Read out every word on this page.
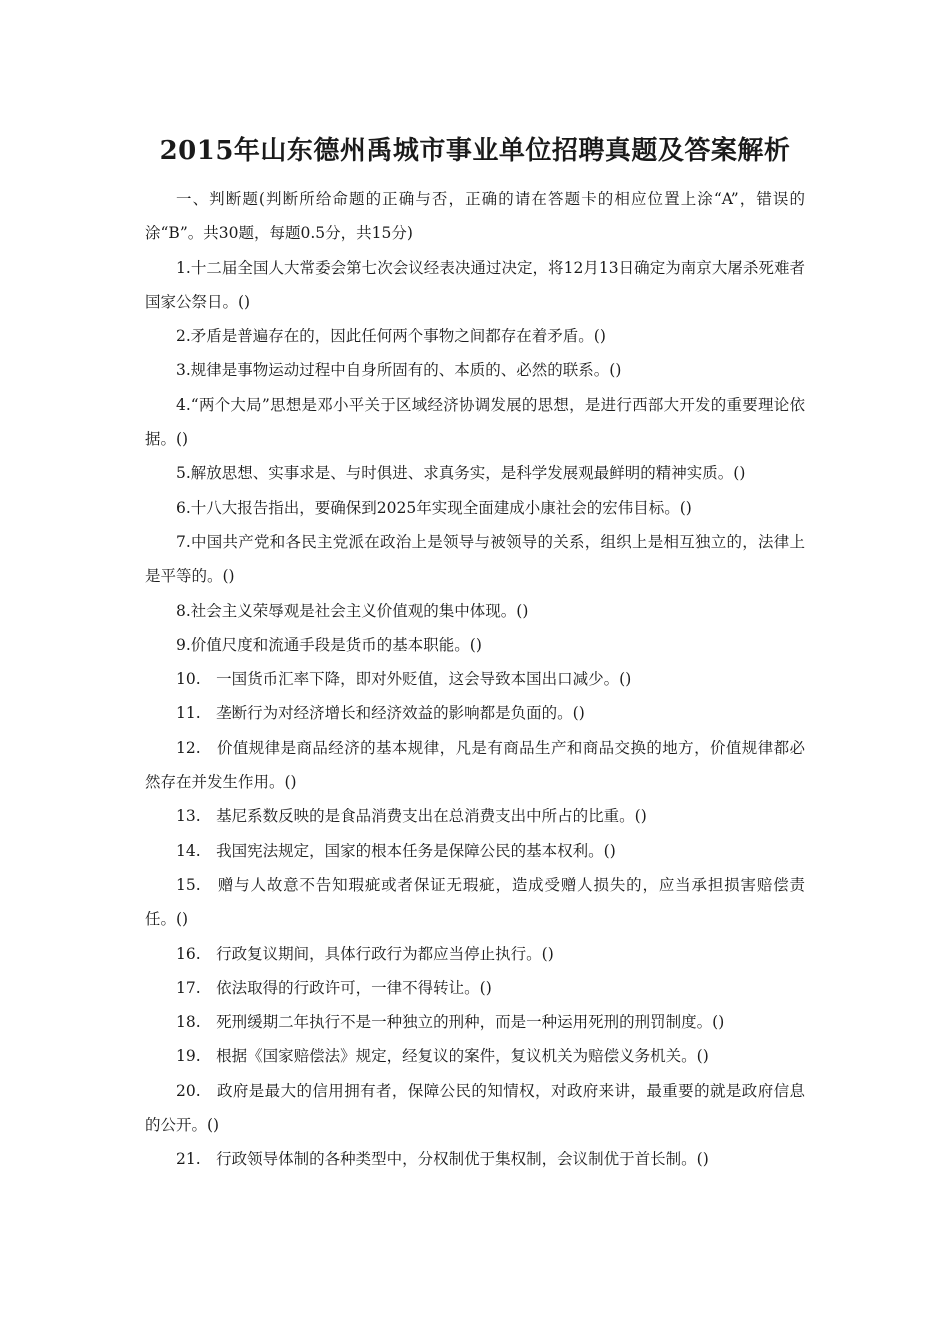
2015年山东德州禹城市事业单位招聘真题及答案解析

一、判断题(判断所给命题的正确与否，正确的请在答题卡的相应位置上涂“A”，错误的涂“B”。共30题，每题0.5分，共15分)

1.十二届全国人大常委会第七次会议经表决通过决定，将12月13日确定为南京大屠杀死难者国家公祭日。()

2.矛盾是普遍存在的，因此任何两个事物之间都存在着矛盾。()

3.规律是事物运动过程中自身所固有的、本质的、必然的联系。()

4.“两个大局”思想是邓小平关于区域经济协调发展的思想，是进行西部大开发的重要理论依据。()

5.解放思想、实事求是、与时俱进、求真务实，是科学发展观最鲜明的精神实质。()

6.十八大报告指出，要确保到2025年实现全面建成小康社会的宏伟目标。()

7.中国共产党和各民主党派在政治上是领导与被领导的关系，组织上是相互独立的，法律上是平等的。()

8.社会主义荣辱观是社会主义价值观的集中体现。()

9.价值尺度和流通手段是货币的基本职能。()

10.　一国货币汇率下降，即对外贬值，这会导致本国出口减少。()

11.　垄断行为对经济增长和经济效益的影响都是负面的。()

12.　价值规律是商品经济的基本规律，凡是有商品生产和商品交换的地方，价值规律都必然存在并发生作用。()

13.　基尼系数反映的是食品消费支出在总消费支出中所占的比重。()

14.　我国宪法规定，国家的根本任务是保障公民的基本权利。()

15.　赠与人故意不告知瑕疵或者保证无瑕疵，造成受赠人损失的，应当承担损害赔偿责任。()

16.　行政复议期间，具体行政行为都应当停止执行。()

17.　依法取得的行政许可，一律不得转让。()

18.　死刑缓期二年执行不是一种独立的刑种，而是一种运用死刑的刑罚制度。()

19.　根据《国家赔偿法》规定，经复议的案件，复议机关为赔偿义务机关。()

20.　政府是最大的信用拥有者，保障公民的知情权，对政府来讲，最重要的就是政府信息的公开。()

21.　行政领导体制的各种类型中，分权制优于集权制，会议制优于首长制。()
